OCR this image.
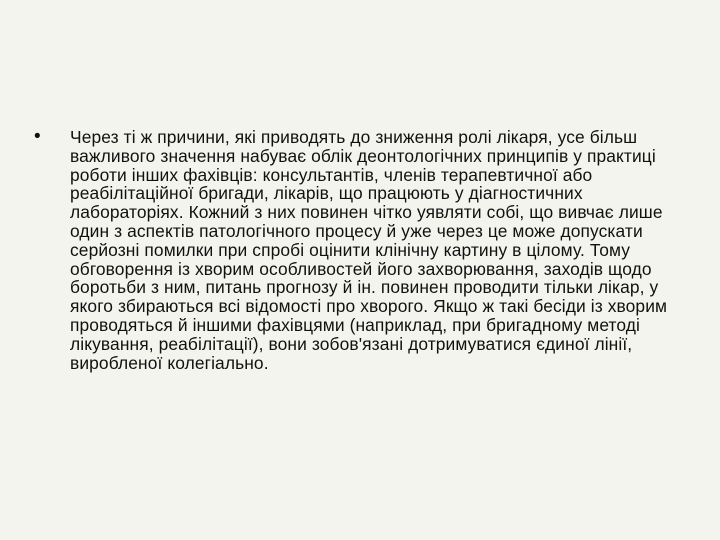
•	Через ті ж причини, які приводять до зниження ролі лікаря, усе більш важливого значення набуває облік деонтологічних принципів у практиці роботи інших фахівців: консультантів, членів терапевтичної або реабілітаційної бригади, лікарів, що працюють у діагностичних лабораторіях. Кожний з них повинен чітко уявляти собі, що вивчає лише один з аспектів патологічного процесу й уже через це може допускати серйозні помилки при спробі оцінити клінічну картину в цілому. Тому обговорення із хворим особливостей його захворювання, заходів щодо боротьби з ним, питань прогнозу й ін. повинен проводити тільки лікар, у якого збираються всі відомості про хворого. Якщо ж такі бесіди із хворим проводяться й іншими фахівцями (наприклад, при бригадному методі лікування, реабілітації), вони зобов'язані дотримуватися єдиної лінії, виробленої колегіально.
